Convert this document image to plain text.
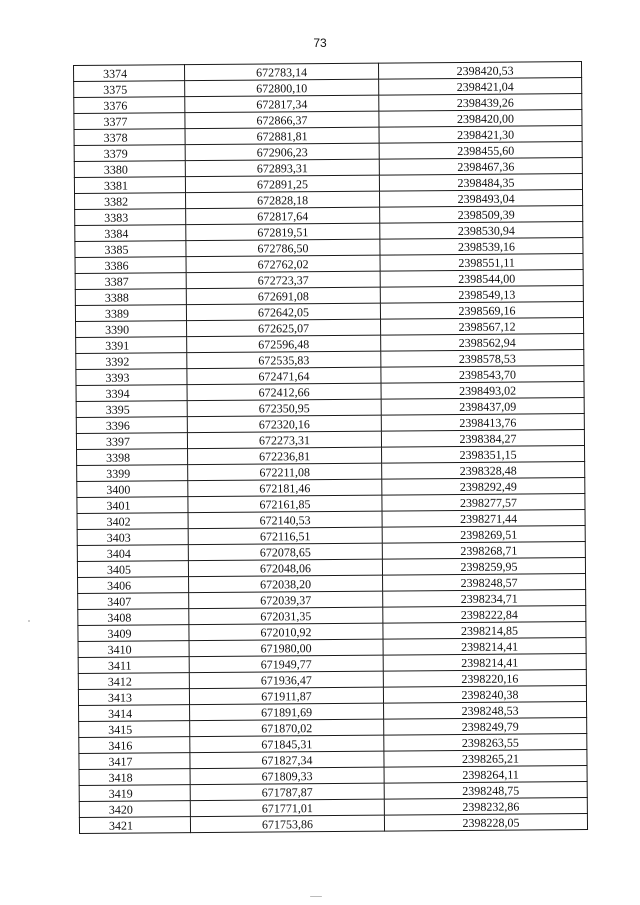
73
3374	672783,14	2398420,53
3375	672800,10	2398421,04
3376	672817,34	2398439,26
3377	672866,37	2398420,00
3378	672881,81	2398421,30
3379	672906,23	2398455,60
3380	672893,31	2398467,36
3381	672891,25	2398484,35
3382	672828,18	2398493,04
3383	672817,64	2398509,39
3384	672819,51	2398530,94
3385	672786,50	2398539,16
3386	672762,02	2398551,11
3387	672723,37	2398544,00
3388	672691,08	2398549,13
3389	672642,05	2398569,16
3390	672625,07	2398567,12
3391	672596,48	2398562,94
3392	672535,83	2398578,53
3393	672471,64	2398543,70
3394	672412,66	2398493,02
3395	672350,95	2398437,09
3396	672320,16	2398413,76
3397	672273,31	2398384,27
3398	672236,81	2398351,15
3399	672211,08	2398328,48
3400	672181,46	2398292,49
3401	672161,85	2398277,57
3402	672140,53	2398271,44
3403	672116,51	2398269,51
3404	672078,65	2398268,71
3405	672048,06	2398259,95
3406	672038,20	2398248,57
3407	672039,37	2398234,71
3408	672031,35	2398222,84
3409	672010,92	2398214,85
3410	671980,00	2398214,41
3411	671949,77	2398214,41
3412	671936,47	2398220,16
3413	671911,87	2398240,38
3414	671891,69	2398248,53
3415	671870,02	2398249,79
3416	671845,31	2398263,55
3417	671827,34	2398265,21
3418	671809,33	2398264,11
3419	671787,87	2398248,75
3420	671771,01	2398232,86
3421	671753,86	2398228,05
